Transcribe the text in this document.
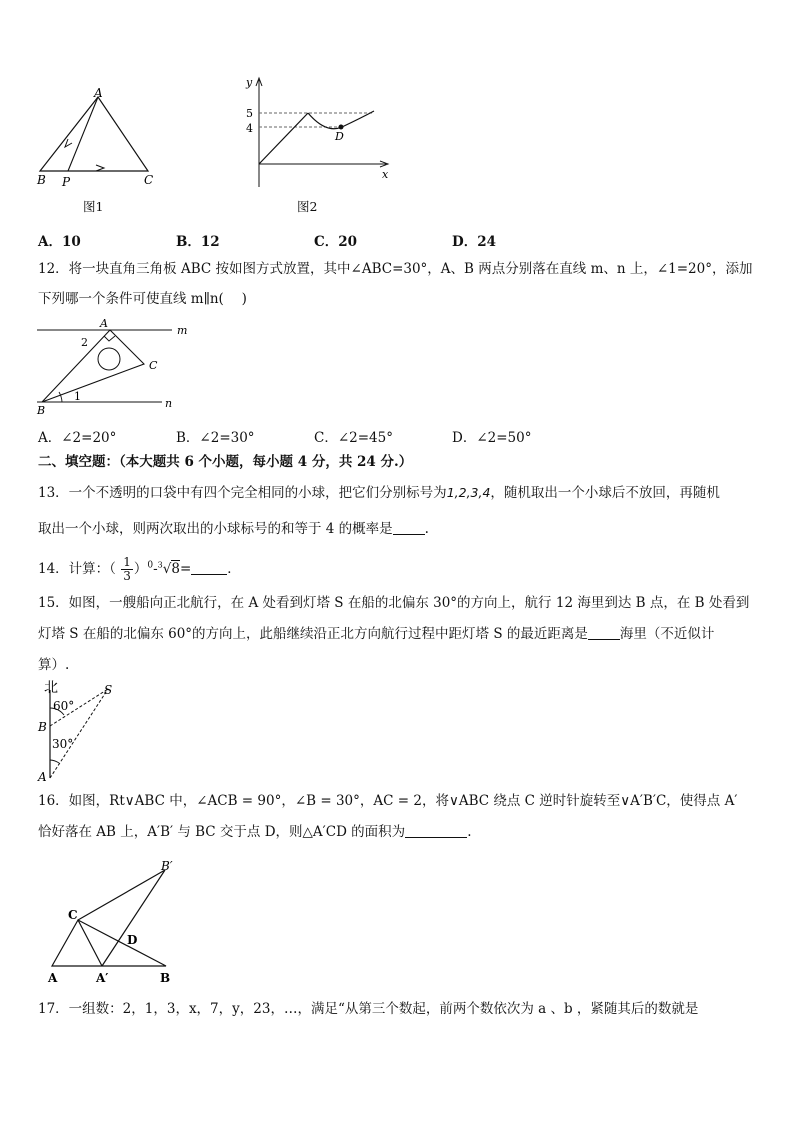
A
B P	C
图1
y
x
5
4
D
图2
A．10	B．12	C．20	D．24
12．将一块直角三角板 ABC 按如图方式放置，其中∠ABC=30°，A、B 两点分别落在直线 m、n 上，∠1=20°，添加
下列哪一个条件可使直线 m∥n(　 )
A
m
2
C
B
1
n
A．∠2=20°	B．∠2=30°	C．∠2=45°	D．∠2=50°
二、填空题：（本大题共 6 个小题，每小题 4 分，共 24 分.）
13．一个不透明的口袋中有四个完全相同的小球，把它们分别标号为1,2,3,4，随机取出一个小球后不放回，再随机
取出一个小球，则两次取出的小球标号的和等于 4 的概率是 .
14．计算：（ $\frac{1}{3} )^0-^3√8=$	．
15．如图，一艘船向正北航行，在 A 处看到灯塔 S 在船的北偏东 30°的方向上，航行 12 海里到达 B 点，在 B 处看到
灯塔 S 在船的北偏东 60°的方向上，此船继续沿正北方向航行过程中距灯塔 S 的最近距离是 海里（不近似计
算）.
北	S
60°
B
30°
A
16．如图，Rt∨ABC 中，∠ACB = 90°，∠B = 30°，AC = 2，将∨ABC 绕点 C 逆时针旋转至∨A′B′C，使得点 A′
恰好落在 AB 上，A′B′ 与 BC 交于点 D，则△A′CD 的面积为	.
B′
C
D
A	A′	B
17．一组数：2，1，3，x，7，y，23，…，满足“从第三个数起，前两个数依次为 a 、b ，紧随其后的数就是
